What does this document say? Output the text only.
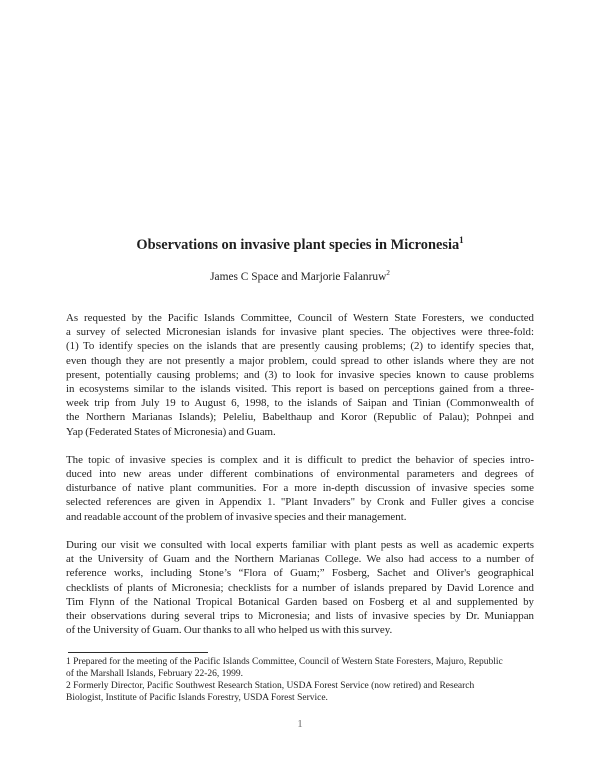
Observations on invasive plant species in Micronesia$^1$
James C Space and Marjorie Falanruw$^2$

As requested by the Pacific Islands Committee, Council of Western State Foresters, we conducted
a survey of selected Micronesian islands for invasive plant species. The objectives were three-fold:
(1) To identify species on the islands that are presently causing problems; (2) to identify species that,
even though they are not presently a major problem, could spread to other islands where they are not
present, potentially causing problems; and (3) to look for invasive species known to cause problems
in ecosystems similar to the islands visited. This report is based on perceptions gained from a three-
week trip from July 19 to August 6, 1998, to the islands of Saipan and Tinian (Commonwealth of
the Northern Marianas Islands); Peleliu, Babelthaup and Koror (Republic of Palau); Pohnpei and
Yap (Federated States of Micronesia) and Guam.

The topic of invasive species is complex and it is difficult to predict the behavior of species intro-
duced into new areas under different combinations of environmental parameters and degrees of
disturbance of native plant communities. For a more in-depth discussion of invasive species some
selected references are given in Appendix 1. "Plant Invaders" by Cronk and Fuller gives a concise
and readable account of the problem of invasive species and their management.

During our visit we consulted with local experts familiar with plant pests as well as academic experts
at the University of Guam and the Northern Marianas College. We also had access to a number of
reference works, including Stone’s “Flora of Guam;” Fosberg, Sachet and Oliver's geographical
checklists of plants of Micronesia; checklists for a number of islands prepared by David Lorence and
Tim Flynn of the National Tropical Botanical Garden based on Fosberg et al and supplemented by
their observations during several trips to Micronesia; and lists of invasive species by Dr. Muniappan
of the University of Guam. Our thanks to all who helped us with this survey.

1 Prepared for the meeting of the Pacific Islands Committee, Council of Western State Foresters, Majuro, Republic
of the Marshall Islands, February 22-26, 1999.
2 Formerly Director, Pacific Southwest Research Station, USDA Forest Service (now retired) and Research
Biologist, Institute of Pacific Islands Forestry, USDA Forest Service.
1
